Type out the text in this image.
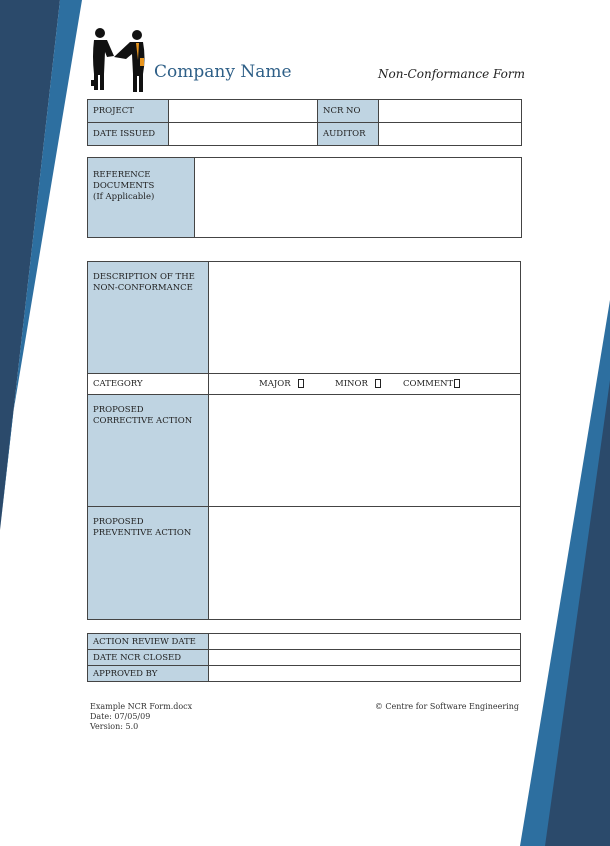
Company Name	Non-Conformance Form
PROJECT		NCR NO	
DATE ISSUED		AUDITOR	
REFERENCE
DOCUMENTS
(If Applicable)	
DESCRIPTION OF THE
NON-CONFORMANCE	
CATEGORY	MAJOR MINOR COMMENT
PROPOSED
CORRECTIVE ACTION	
PROPOSED
PREVENTIVE ACTION	
ACTION REVIEW DATE	
DATE NCR CLOSED	
APPROVED BY	
Example NCR Form.docx
Date: 07/05/09
Version: 5.0
© Centre for Software Engineering
